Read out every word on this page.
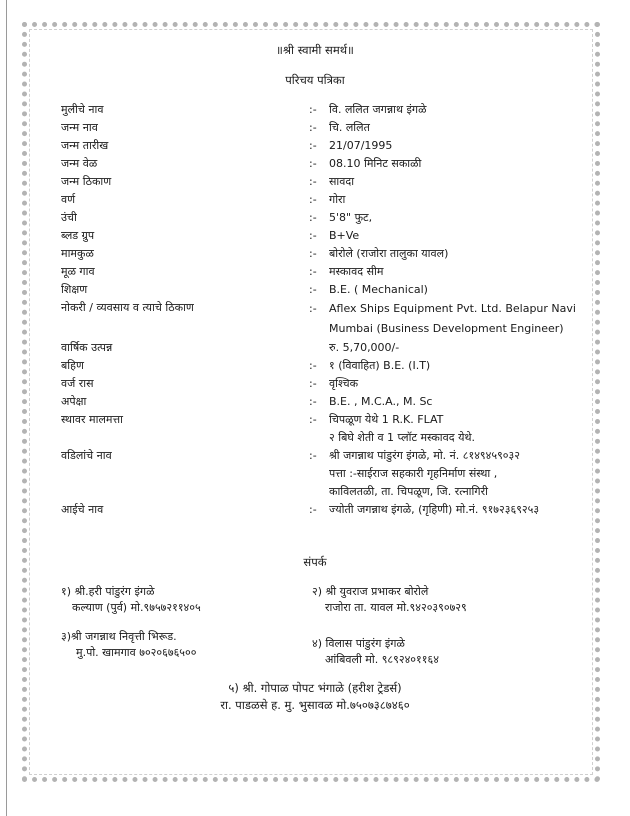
॥श्री स्वामी समर्थ॥
परिचय पत्रिका
मुलीचे नाव	:- वि. ललित जगन्नाथ इंगळे
जन्म नाव	:- चि. ललित
जन्म तारीख	:- 21/07/1995
जन्म वेळ	:- 08.10 मिनिट सकाळी
जन्म ठिकाण	:- सावदा
वर्ण	:- गोरा
उंची	:- 5'8" फुट,
ब्लड ग्रुप	:- B+Ve
मामकुळ	:- बोरोले (राजोरा तालुका यावल)
मूळ गाव	:- मस्कावद सीम
शिक्षण	:- B.E. ( Mechanical)
नोकरी / व्यवसाय व त्याचे ठिकाण	:- Aflex Ships Equipment Pvt. Ltd. Belapur Navi
Mumbai (Business Development Engineer)
वार्षिक उत्पन्न	रु. 5,70,000/-
बहिण	:- १ (विवाहित) B.E. (I.T)
वर्ज रास	:- वृश्चिक
अपेक्षा	:- B.E. , M.C.A., M. Sc
स्थावर मालमत्ता	:- चिपळूण येथे 1 R.K. FLAT
२ बिघे शेती व 1 प्लॉट मस्कावद येथे.
वडिलांचे नाव	:- श्री जगन्नाथ पांडुरंग इंगळे, मो. नं. ८१४९४५९०३२
पत्ता :-साईराज सहकारी गृहनिर्माण संस्था ,
काविलतळी, ता. चिपळूण, जि. रत्नागिरी
आईचे नाव	:- ज्योती जगन्नाथ इंगळे, (गृहिणी) मो.नं. ९१७२३६९२५३
संपर्क
१) श्री.हरी पांडुरंग इंगळे
कल्याण (पुर्व) मो.९७५७२११४०५
२) श्री युवराज प्रभाकर बोरोले
राजोरा ता. यावल मो.९४२०३९०७२९
३)श्री जगन्नाथ निवृत्ती भिरूड.
मु.पो. खामगाव ७०२०६७६५००
४) विलास पांडुरंग इंगळे
आंबिवली मो. ९८९२४०११६४
५) श्री. गोपाळ पोपट भंगाळे (हरीश ट्रेडर्स)
रा. पाडळसे ह. मु. भुसावळ मो.७५०७३८७४६०
